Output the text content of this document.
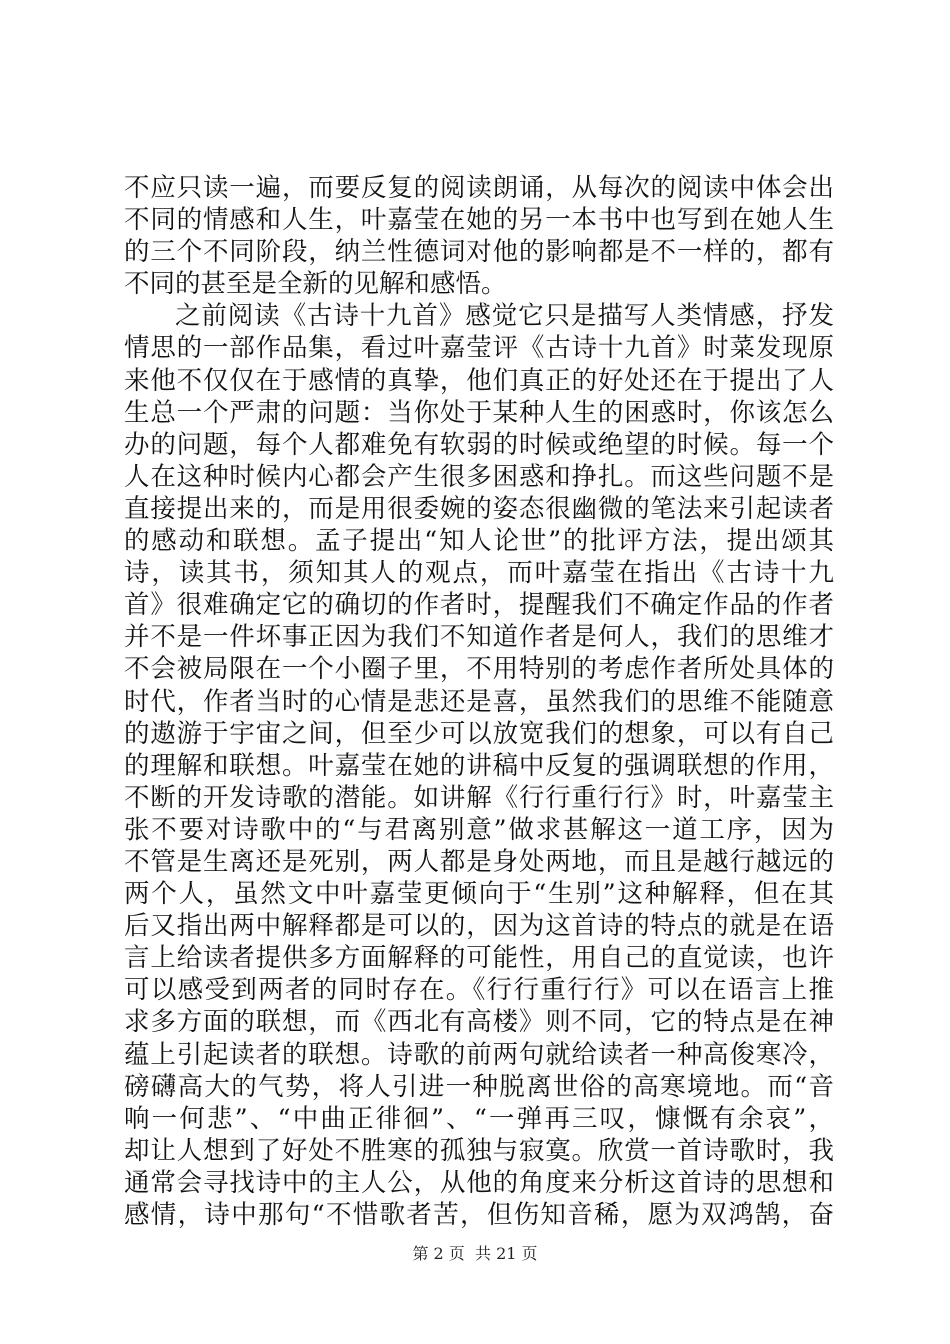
不应只读一遍，而要反复的阅读朗诵，从每次的阅读中体会出
不同的情感和人生，叶嘉莹在她的另一本书中也写到在她人生
的三个不同阶段，纳兰性德词对他的影响都是不一样的，都有
不同的甚至是全新的见解和感悟。
之前阅读《古诗十九首》感觉它只是描写人类情感，抒发
情思的一部作品集，看过叶嘉莹评《古诗十九首》时菜发现原
来他不仅仅在于感情的真挚，他们真正的好处还在于提出了人
生总一个严肃的问题：当你处于某种人生的困惑时，你该怎么
办的问题，每个人都难免有软弱的时候或绝望的时候。每一个
人在这种时候内心都会产生很多困惑和挣扎。而这些问题不是
直接提出来的，而是用很委婉的姿态很幽微的笔法来引起读者
的感动和联想。孟子提出“知人论世”的批评方法，提出颂其
诗，读其书，须知其人的观点，而叶嘉莹在指出《古诗十九
首》很难确定它的确切的作者时，提醒我们不确定作品的作者
并不是一件坏事正因为我们不知道作者是何人，我们的思维才
不会被局限在一个小圈子里，不用特别的考虑作者所处具体的
时代，作者当时的心情是悲还是喜，虽然我们的思维不能随意
的遨游于宇宙之间，但至少可以放宽我们的想象，可以有自己
的理解和联想。叶嘉莹在她的讲稿中反复的强调联想的作用，
不断的开发诗歌的潜能。如讲解《行行重行行》时，叶嘉莹主
张不要对诗歌中的“与君离别意”做求甚解这一道工序，因为
不管是生离还是死别，两人都是身处两地，而且是越行越远的
两个人，虽然文中叶嘉莹更倾向于“生别”这种解释，但在其
后又指出两中解释都是可以的，因为这首诗的特点的就是在语
言上给读者提供多方面解释的可能性，用自己的直觉读，也许
可以感受到两者的同时存在。《行行重行行》可以在语言上推
求多方面的联想，而《西北有高楼》则不同，它的特点是在神
蕴上引起读者的联想。诗歌的前两句就给读者一种高俊寒冷，
磅礴高大的气势，将人引进一种脱离世俗的高寒境地。而“音
响一何悲”、“中曲正徘徊”、“一弹再三叹，慷慨有余哀”，
却让人想到了好处不胜寒的孤独与寂寞。欣赏一首诗歌时，我
通常会寻找诗中的主人公，从他的角度来分析这首诗的思想和
感情，诗中那句“不惜歌者苦，但伤知音稀，愿为双鸿鹄，奋
第 2 页 共 21 页
